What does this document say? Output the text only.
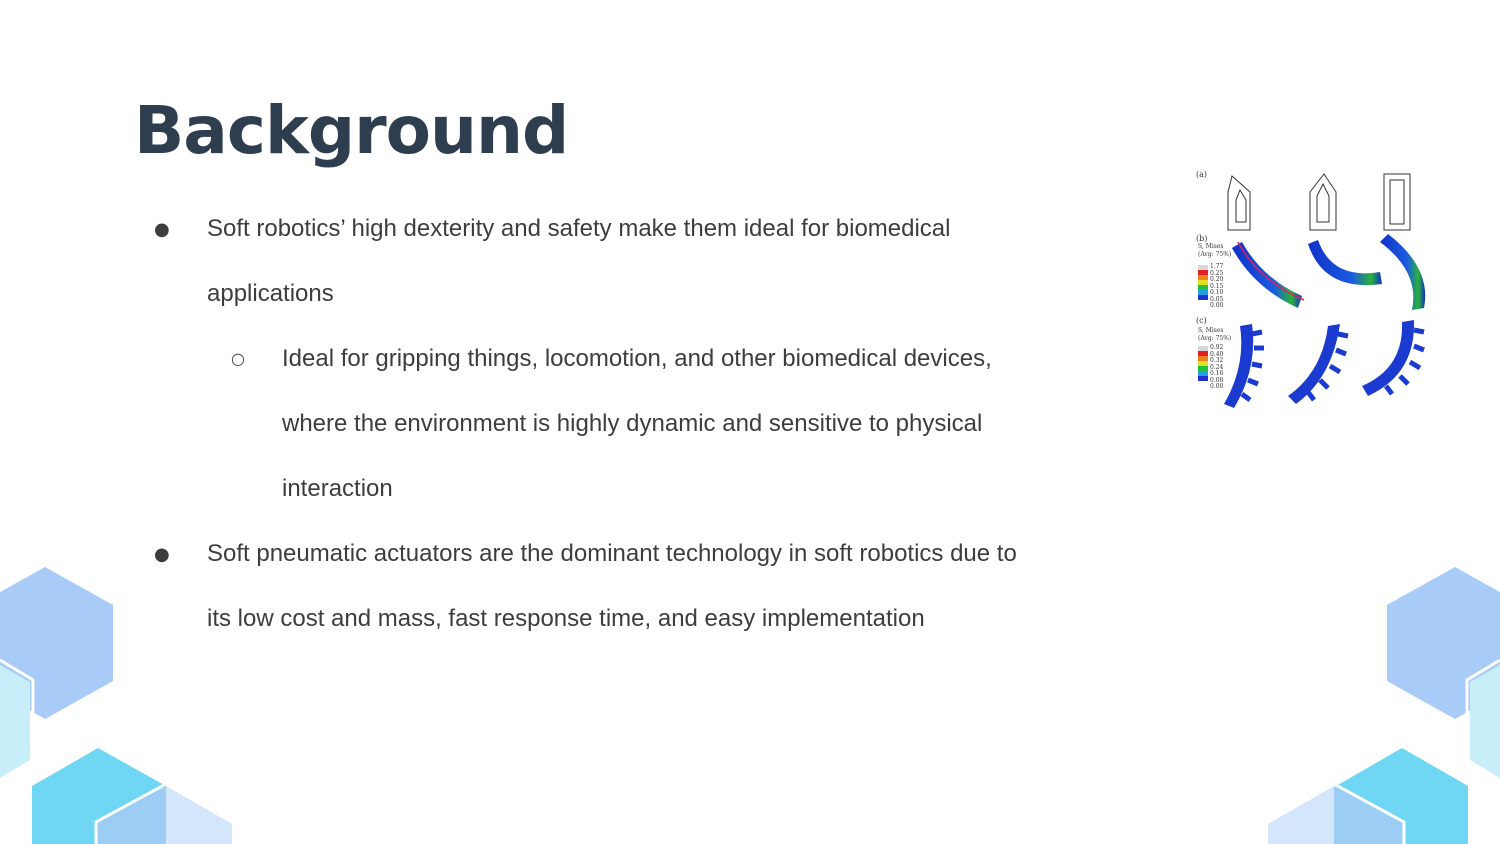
Background
● Soft robotics’ high dexterity and safety make them ideal for biomedical
applications
○ Ideal for gripping things, locomotion, and other biomedical devices,
where the environment is highly dynamic and sensitive to physical
interaction
● Soft pneumatic actuators are the dominant technology in soft robotics due to
its low cost and mass, fast response time, and easy implementation
(a)
(b)
(c)
S, Mises
(Avg: 75%)
1.77
0.25
0.20
0.15
0.10
0.05
0.00
S, Mises
(Avg: 75%)
0.92
0.40
0.32
0.24
0.16
0.08
0.00
